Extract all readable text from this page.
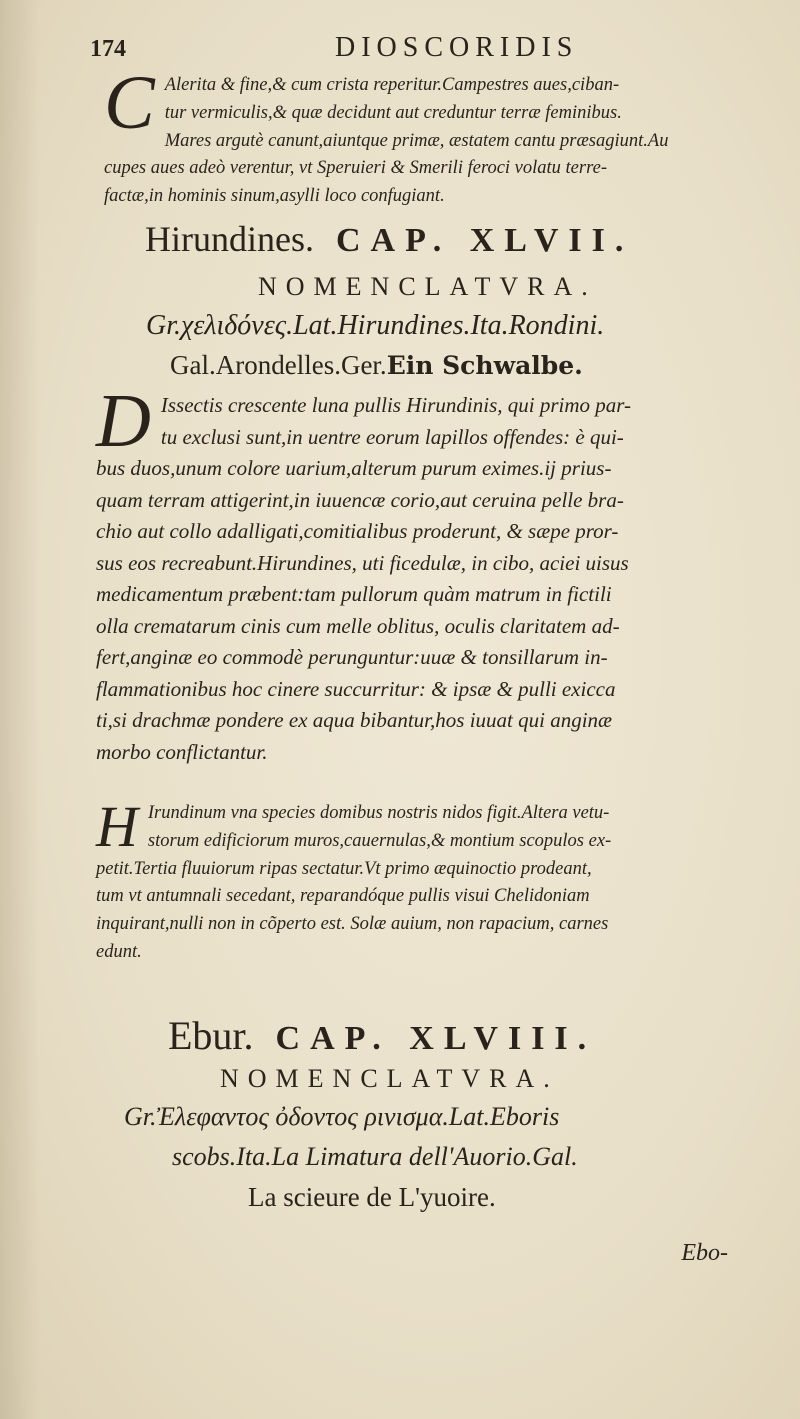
174	DIOSCORIDIS
C Alerita & fine,& cum crista reperitur.Campestres aues,ciban-
tur vermiculis,& quæ decidunt aut creduntur terræ feminibus.
Mares argutè canunt,aiuntque primæ, æstatem cantu præsagiunt.Au
cupes aues adeò verentur, vt Speruieri & Smerili feroci volatu terre-
factæ,in hominis sinum,asylli loco confugiant.
Hirundines. CAP. XLVII.
NOMENCLATVRA.
Gr.χελιδόνες.Lat.Hirundines.Ita.Rondini.
Gal.Arondelles.Ger.Ein Schwalbe.
D Issectis crescente luna pullis Hirundinis, qui primo par-
tu exclusi sunt,in uentre eorum lapillos offendes: è qui-
bus duos,unum colore uarium,alterum purum eximes.ij prius-
quam terram attigerint,in iuuencæ corio,aut ceruina pelle bra-
chio aut collo adalligati,comitialibus proderunt, & sæpe pror-
sus eos recreabunt.Hirundines, uti ficedulæ, in cibo, aciei uisus
medicamentum præbent:tam pullorum quàm matrum in fictili
olla crematarum cinis cum melle oblitus, oculis claritatem ad-
fert,anginæ eo commodè perunguntur:uuæ & tonsillarum in-
flammationibus hoc cinere succurritur: & ipsæ & pulli exiccа
ti,si drachmæ pondere ex aqua bibantur,hos iuuat qui anginæ
morbo conflictantur.
H Irundinum vna species domibus nostris nidos figit.Altera vetu-
storum edificiorum muros,cauernulas,& montium scopulos ex-
petit.Tertia fluuiorum ripas sectatur.Vt primo æquinoctio prodeant,
tum vt antumnali secedant, reparandóque pullis visui Chelidoniam
inquirant,nulli non in cõperto est. Solæ auium, non rapacium, carnes
edunt.
Ebur. CAP. XLVIII.
NOMENCLATVRA.
Gr.Ἐλεφαντος ὀδοντος ρινισμα.Lat.Eboris
scobs.Ita.La Limatura dell'Auorio.Gal.
La sciеure de L'yuoire.
Ebo-
